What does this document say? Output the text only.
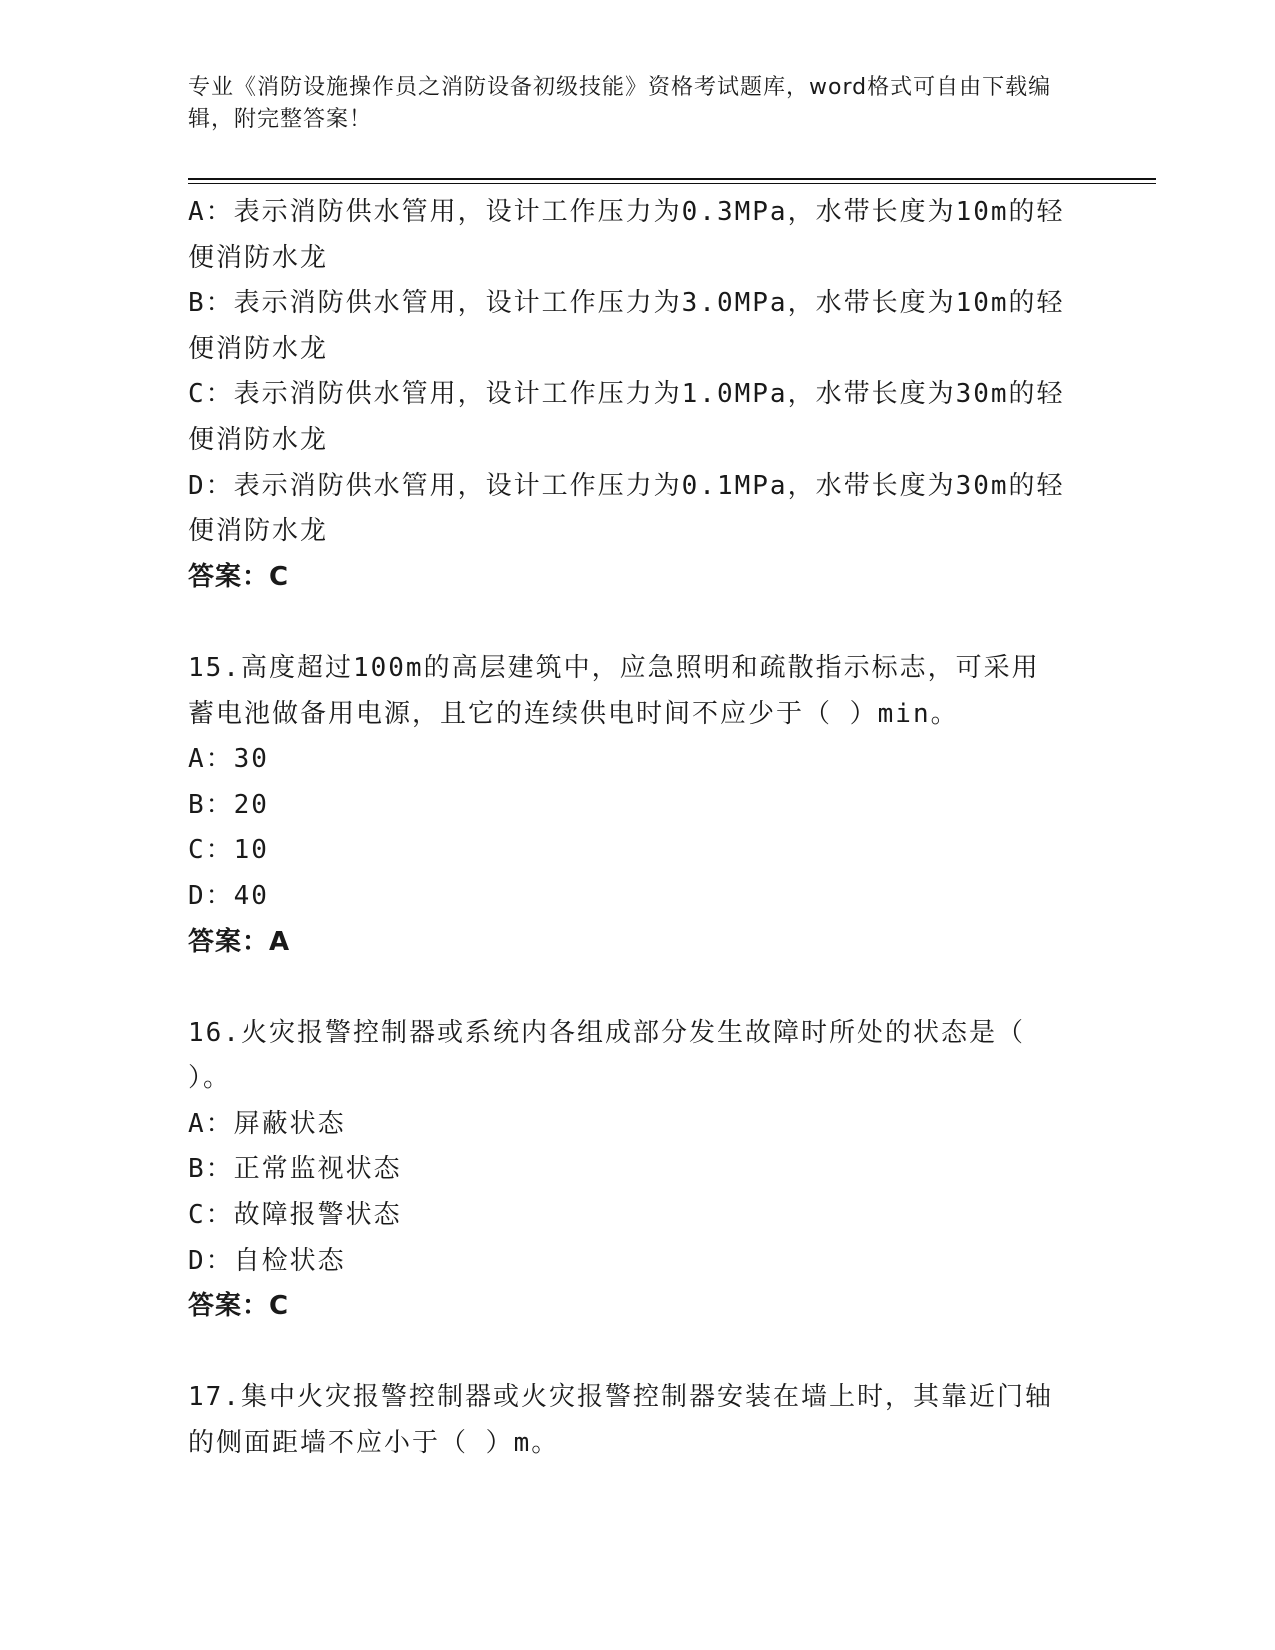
专业《消防设施操作员之消防设备初级技能》资格考试题库，word格式可自由下载编辑，附完整答案！
A：表示消防供水管用，设计工作压力为0.3MPa，水带长度为10m的轻
便消防水龙
B：表示消防供水管用，设计工作压力为3.0MPa，水带长度为10m的轻
便消防水龙
C：表示消防供水管用，设计工作压力为1.0MPa，水带长度为30m的轻
便消防水龙
D：表示消防供水管用，设计工作压力为0.1MPa，水带长度为30m的轻
便消防水龙
答案：C
15.高度超过100m的高层建筑中，应急照明和疏散指示标志，可采用
蓄电池做备用电源，且它的连续供电时间不应少于（ ）min。
A：30
B：20
C：10
D：40
答案：A
16.火灾报警控制器或系统内各组成部分发生故障时所处的状态是（
）。
A：屏蔽状态
B：正常监视状态
C：故障报警状态
D：自检状态
答案：C
17.集中火灾报警控制器或火灾报警控制器安装在墙上时，其靠近门轴
的侧面距墙不应小于（ ）m。
